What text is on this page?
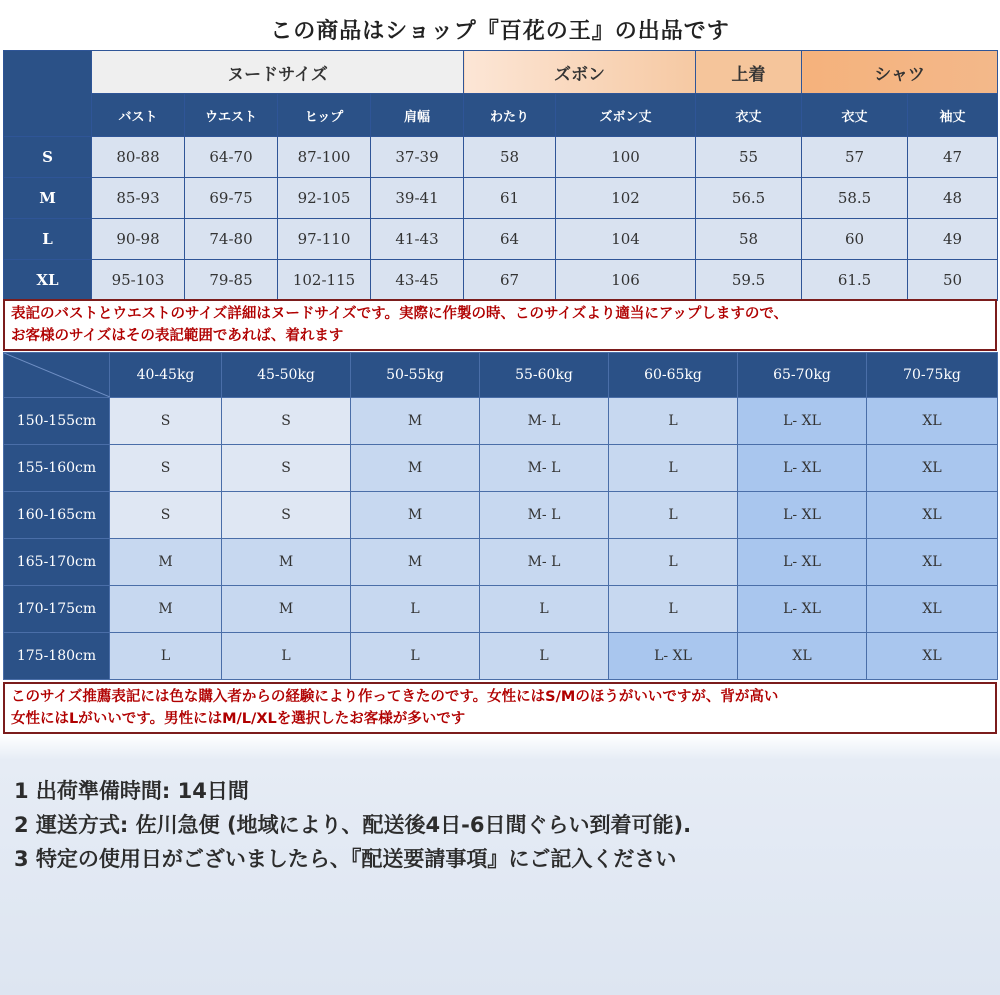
この商品はショップ『百花の王』の出品です
	ヌードサイズ				ズボン		上着	シャツ	
	バスト	ウエスト	ヒップ	肩幅	わたり	ズボン丈	衣丈	衣丈	袖丈
S	80-88	64-70	87-100	37-39	58	100	55	57	47
M	85-93	69-75	92-105	39-41	61	102	56.5	58.5	48
L	90-98	74-80	97-110	41-43	64	104	58	60	49
XL	95-103	79-85	102-115	43-45	67	106	59.5	61.5	50
表記のバストとウエストのサイズ詳細はヌードサイズです。実際に作製の時、このサイズより適当にアップしますので、
お客様のサイズはその表記範囲であれば、着れます
	40-45kg	45-50kg	50-55kg	55-60kg	60-65kg	65-70kg	70-75kg
150-155cm	S	S	M	M- L	L	L- XL	XL
155-160cm	S	S	M	M- L	L	L- XL	XL
160-165cm	S	S	M	M- L	L	L- XL	XL
165-170cm	M	M	M	M- L	L	L- XL	XL
170-175cm	M	M	L	L	L	L- XL	XL
175-180cm	L	L	L	L	L- XL	XL	XL
このサイズ推薦表記には色な購入者からの経験により作ってきたのです。女性にはS/Mのほうがいいですが、背が高い
女性にはLがいいです。男性にはM/L/XLを選択したお客様が多いです
1 出荷準備時間: 14日間
2 運送方式: 佐川急便 (地域により、配送後4日-6日間ぐらい到着可能).
3 特定の使用日がございましたら、『配送要請事項』にご記入ください
